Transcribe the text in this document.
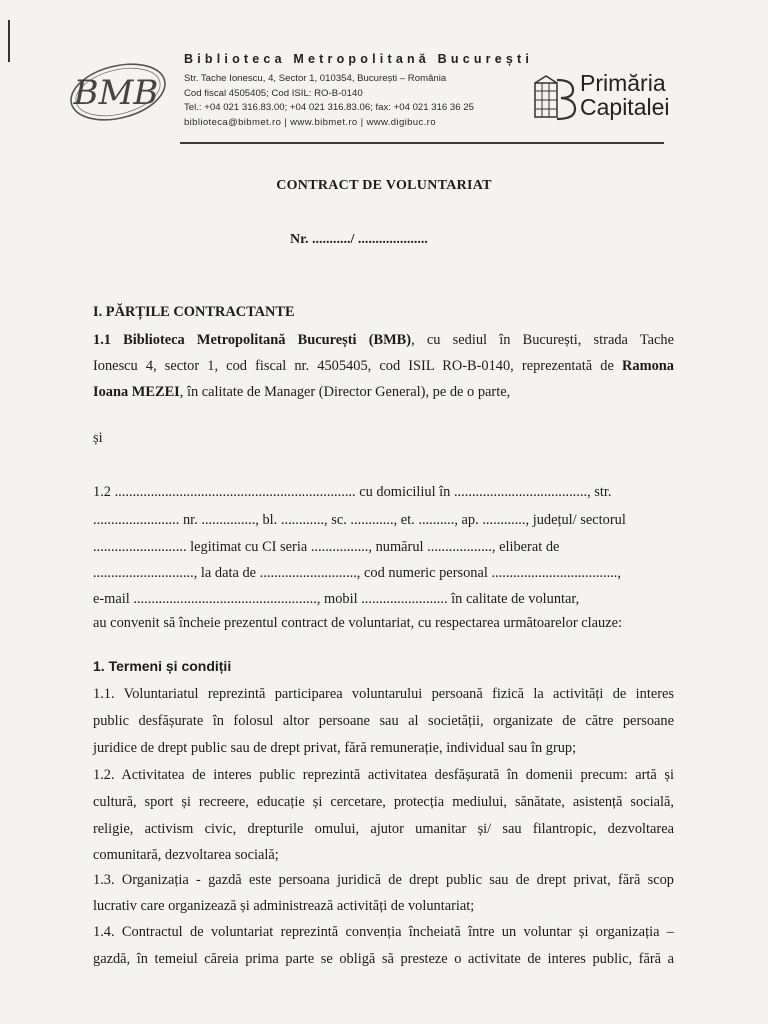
BMB
Biblioteca Metropolitană București
Str. Tache Ionescu, 4, Sector 1, 010354, București – România
Cod fiscal 4505405; Cod ISIL: RO-B-0140
Tel.: +04 021 316.83.00; +04 021 316.83.06; fax: +04 021 316 36 25
biblioteca@bibmet.ro | www.bibmet.ro | www.digibuc.ro
Primăria
Capitalei
CONTRACT DE VOLUNTARIAT
Nr. .........../ ....................
I. PĂRȚILE CONTRACTANTE
1.1 Biblioteca Metropolitană București (BMB), cu sediul în București, strada Tache
Ionescu 4, sector 1, cod fiscal nr. 4505405, cod ISIL RO-B-0140, reprezentată de Ramona
Ioana MEZEI, în calitate de Manager (Director General), pe de o parte,
și
1.2 ................................................................... cu domiciliul în ....................................., str.
........................ nr. ..............., bl. ............, sc. ............, et. .........., ap. ............, județul/ sectorul
.......................... legitimat cu CI seria ................, numărul .................., eliberat de
............................, la data de ..........................., cod numeric personal ...................................,
e-mail ..................................................., mobil ........................ în calitate de voluntar,
au convenit să încheie prezentul contract de voluntariat, cu respectarea următoarelor clauze:
1. Termeni și condiții
1.1. Voluntariatul reprezintă participarea voluntarului persoană fizică la activități de interes
public desfășurate în folosul altor persoane sau al societății, organizate de către persoane
juridice de drept public sau de drept privat, fără remunerație, individual sau în grup;
1.2. Activitatea de interes public reprezintă activitatea desfășurată în domenii precum: artă și
cultură, sport și recreere, educație și cercetare, protecția mediului, sănătate, asistență socială,
religie, activism civic, drepturile omului, ajutor umanitar și/ sau filantropic, dezvoltarea
comunitară, dezvoltarea socială;
1.3. Organizația - gazdă este persoana juridică de drept public sau de drept privat, fără scop
lucrativ care organizează și administrează activități de voluntariat;
1.4. Contractul de voluntariat reprezintă convenția încheiată între un voluntar și organizația –
gazdă, în temeiul căreia prima parte se obligă să presteze o activitate de interes public, fără a
